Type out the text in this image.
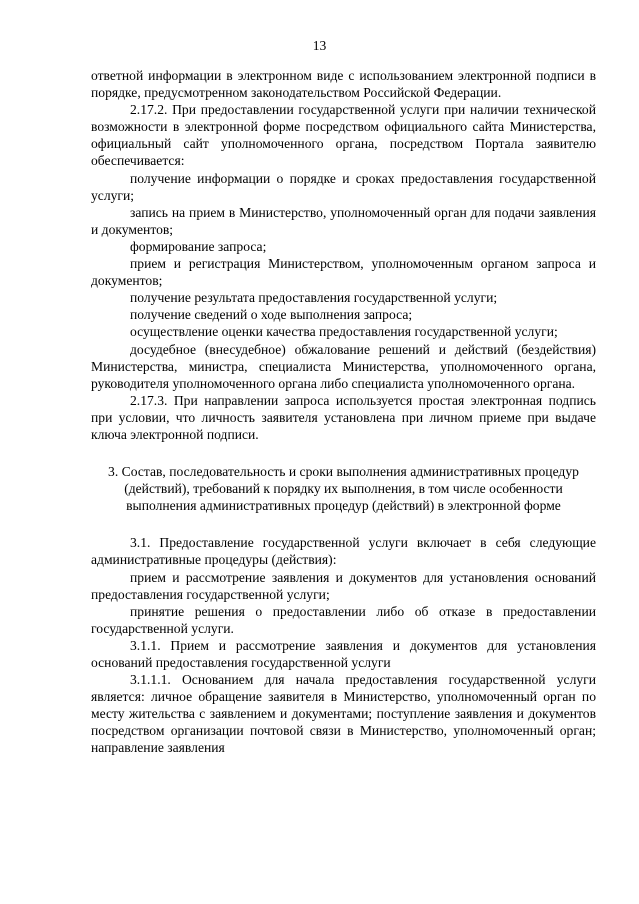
13
ответной информации в электронном виде с использованием электронной подписи в порядке, предусмотренном законодательством Российской Федерации.
2.17.2. При предоставлении государственной услуги при наличии технической возможности в электронной форме посредством официального сайта Министерства, официальный сайт уполномоченного органа, посредством Портала заявителю обеспечивается:
получение информации о порядке и сроках предоставления государственной услуги;
запись на прием в Министерство, уполномоченный орган для подачи заявления и документов;
формирование запроса;
прием и регистрация Министерством, уполномоченным органом запроса и документов;
получение результата предоставления государственной услуги;
получение сведений о ходе выполнения запроса;
осуществление оценки качества предоставления государственной услуги;
досудебное (внесудебное) обжалование решений и действий (бездействия) Министерства, министра, специалиста Министерства, уполномоченного органа, руководителя уполномоченного органа либо специалиста уполномоченного органа.
2.17.3. При направлении запроса используется простая электронная подпись при условии, что личность заявителя установлена при личном приеме при выдаче ключа электронной подписи.
3. Состав, последовательность и сроки выполнения административных процедур (действий), требований к порядку их выполнения, в том числе особенности выполнения административных процедур (действий) в электронной форме
3.1. Предоставление государственной услуги включает в себя следующие административные процедуры (действия):
прием и рассмотрение заявления и документов для установления оснований предоставления государственной услуги;
принятие решения о предоставлении либо об отказе в предоставлении государственной услуги.
3.1.1. Прием и рассмотрение заявления и документов для установления оснований предоставления государственной услуги
3.1.1.1. Основанием для начала предоставления государственной услуги является: личное обращение заявителя в Министерство, уполномоченный орган по месту жительства с заявлением и документами; поступление заявления и документов посредством организации почтовой связи в Министерство, уполномоченный орган; направление заявления
